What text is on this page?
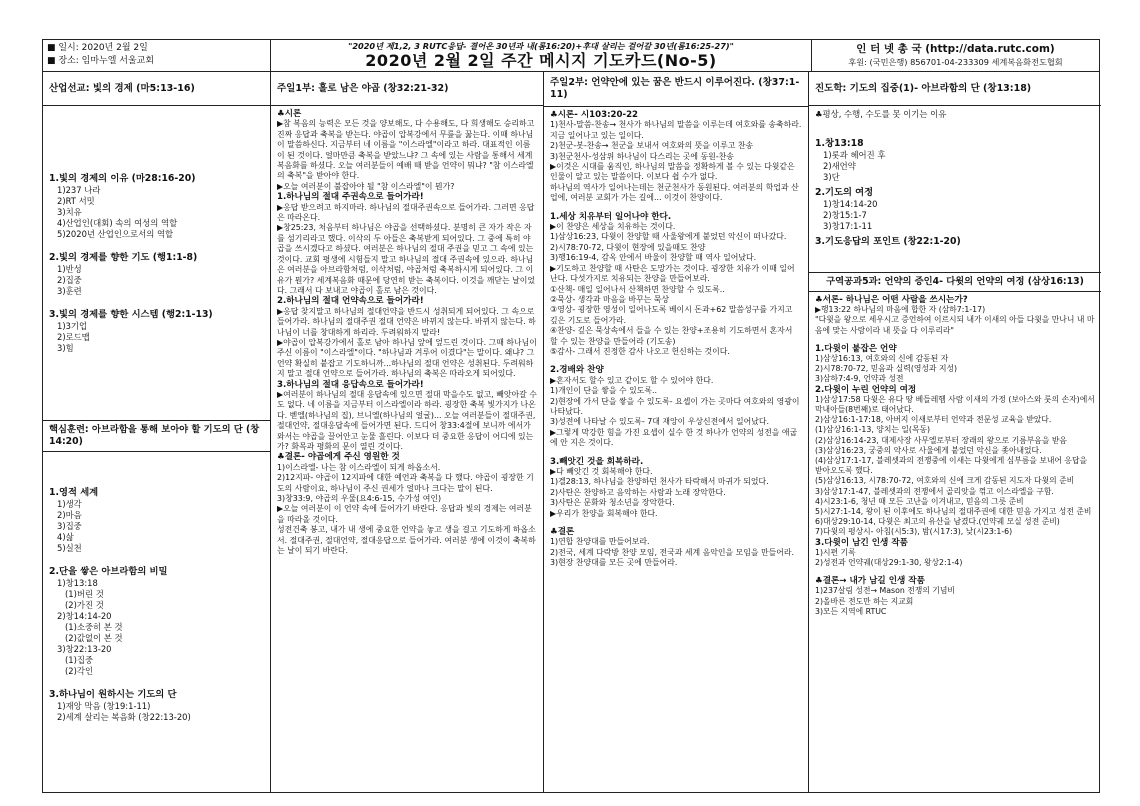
■ 일시: 2020년 2월 2일
■ 장소: 임마누엘 서울교회
"2020년 제1,2, 3 RUTC응답- 결어온 30년과 내(롬16:20)+후대 살리는 걸어갈 30년(롬16:25-27)"
2020년 2월 2일 주간 메시지 기도카드(No-5)
인 터 넷 총 국 (http://data.rutc.com)
후원: (국민은행) 856701-04-233309 세계복음화전도협회
산업선교: 빛의 경제 (마5:13-16)
1.빛의 경제의 이유 (마28:16-20)

1)237 나라

2)RT 서밋

3)치유

4)산업인(대회) 속의 여성의 역할

5)2020년 산업인으로서의 역할

2.빛의 경제를 향한 기도 (행1:1-8)

1)반성

2)집중

3)훈련

3.빛의 경제를 향한 시스템 (행2:1-13)

1)3기업

2)로드맵

3)힘

핵심훈련: 아브라함을 통해 보아야 할 기도의 단 (창14:20)
1.영적 세계

1)생각

2)마음

3)집중

4)삶

5)실천

2.단을 쌓은 아브라함의 비밀

1)창13:18

(1)버린 것

(2)가진 것

2)창14:14-20

(1)소중히 본 것

(2)값없이 본 것

3)창22:13-20

(1)집중

(2)각인

3.하나님이 원하시는 기도의 단

1)재앙 막음 (창19:1-11)

2)세계 살리는 복음화 (창22:13-20)

주일1부: 홀로 남은 야곱 (창32:21-32)
♣시론

▶참 복음의 능력은 모든 것을 양보해도, 다 수용해도, 다 희생해도 승리하고 진짜 응답과 축복을 받는다. 야곱이 압복강에서 무릎을 꿇는다. 이때 하나님이 말씀하신다. 지금부터 네 이름을 "이스라엘"이라고 하라. 대표적인 이름이 된 것이다. 얼마만큼 축복을 받았느냐? 그 속에 있는 사람을 통해서 세계복음화를 하셨다. 오늘 여러분들이 예배 때 받을 언약이 뭐냐? "참 이스라엘의 축복"을 받아야 한다.
▶오늘 여러분이 불잡아야 될 "참 이스라엘"이 뭔가?

1.하나님의 절대 주권속으로 들어가라!

▶응답 받으려고 하지마라. 하나님의 절대주권속으로 들어가라. 그러면 응답은 따라온다.
▶창25:23, 처음부터 하나님은 야곱을 선택하셨다. 분명히 큰 자가 작은 자를 섬기리라고 했다. 이삭의 두 아들은 축복받게 되어있다. 그 중에 특히 야곱을 쓰시겠다고 하셨다. 여러분은 하나님의 절대 주권을 믿고 그 속에 있는 것이다. 교회 평생에 시험들지 말고 하나님의 절대 주권속에 있으라. 하나님은 여러분을 아브라함처럼, 이삭처럼, 야곱처럼 축복하시게 되어있다. 그 이유가 뭔가? 세계복음화 때문에 당연히 받는 축복이다. 이것을 깨닫는 날이었다. 그래서 다 보내고 야곱이 홀로 남은 것이다.

2.하나님의 절대 언약속으로 들어가라!

▶응답 찾지말고 하나님의 절대언약을 반드시 성취되게 되어있다. 그 속으로 들어가라. 하나님의 절대주권 절대 언약은 바뀌지 않는다. 바뀌지 않는다. 하나님이 너를 창대하게 하리라. 두려워하지 말라!
▶야곱이 압복강가에서 홀로 남아 하나님 앞에 엎드린 것이다. 그때 하나님이 주신 이름이 "이스라엘"이다. "하나님과 겨루어 이겼다"는 말이다. 왜냐? 그 언약 확실히 붙잡고 기도하니까...하나님의 절대 언약은 성취된다. 두려워하지 말고 절대 언약으로 들어가라. 하나님의 축복은 따라오게 되어있다.

3.하나님의 절대 응답속으로 들어가라!

▶여러분이 하나님의 절대 응답속에 있으면 절대 막을수도 없고, 빼앗아갈 수도 없다. 네 이름을 지금부터 이스라엘이라 하라. 굉장한 축복 빛가지가 나온다. 벧엘(하나님의 집), 브니엘(하나님의 얼굴)... 오늘 여러분들이 절대주권, 절대언약, 절대응답속에 들어가면 된다. 드디어 창33:4절에 보니까 에서가 와서는 야곱을 끌어안고 눈물 흘린다. 이보다 더 중요한 응답이 어디에 있는가? 화목과 평화의 문이 열린 것이다.

♣결론- 야곱에게 주신 영원한 것

1)이스라엘- 나는 참 이스라엘이 되게 하옵소서.
2)12지파- 야곱이 12지파에 대한 예언과 축복을 다 했다. 야곱이 굉장한 기도의 사람이요, 하나님이 주신 권세가 얼마나 크다는 말이 된다.
3)창33:9, 야곱의 우물(요4:6-15, 수가성 여인)
▶오늘 여러분이 이 언약 속에 들어가기 바란다. 응답과 빛의 경제는 여러분을 따라올 것이다.
성전건축 봉고, 내가 내 생에 중요한 언약을 놓고 생을 걸고 기도하게 하옵소서. 절대주권, 절대언약, 절대응답으로 들어가라. 여러분 생에 이것이 축복하는 날이 되기 바란다.

주일2부: 언약안에 있는 꿈은 반드시 이루어진다. (창37:1-11)
♣시론- 시103:20-22

1)천사-말씀-찬송→ 천사가 하나님의 말씀을 이루는데 여호와를 송축하라. 지금 일어나고 있는 일이다.
2)천군-봇-찬송→ 천군을 보내서 여호와의 뜻을 이루고 찬송
3)천군천사-성삼위 하나님이 다스리는 곳에 동원-찬송
▶이것은 시대를 움직인, 하나님의 말씀을 정확하게 볼 수 있는 다윗같은 인물이 알고 있는 말씀이다. 이보다 쉽 수가 없다.
하나님의 역사가 일어나는데는 천군천사가 동원된다. 여러분의 학업과 산업에, 여러분 교회가 가는 길에... 이것이 찬양이다.

1.세상 치유부터 일어나야 한다.

▶이 찬양은 세상을 치유하는 것이다.
1)삼상16:23, 다윗이 찬양할 때 사울왕에게 붙었던 악신이 떠나갔다.
2)시78:70-72, 다윗이 현장에 있을때도 찬양
3)행16:19-4, 감옥 안에서 바울이 찬양할 때 역사 일어났다.
▶기도하고 찬양할 때 사탄은 도망가는 것이다. 굉장한 치유가 이때 일어난다. 다섯가지로 치유되는 찬양을 만들어보라.
①산책- 매일 일어나서 산책하면 찬양할 수 있도록..
②묵상- 생각과 마음을 바꾸는 묵상
③영상- 굉장한 영성이 일어나도록 베이시 돈과+62 말씀성구를 가지고 깊은 기도로 들어가라.
④찬양- 깊은 묵상속에서 들을 수 있는 찬양+조용히 기도하면서 혼자서 할 수 있는 찬양을 만들어라 (기도송)
⑤감사- 그래서 진정한 감사 나오고 헌신하는 것이다.

2.경배와 찬양

▶혼자서도 할수 있고 같이도 할 수 있어야 한다.
1)개인이 단을 쌓을 수 있도록..
2)현장에 가서 단을 쌓을 수 있도록- 요셉이 가는 곳마다 여호와의 영광이 나타났다.
3)성전에 나타날 수 있도록- 7대 재앙이 우상신전에서 일어났다.
▶그렇게 막강한 힘을 가진 요셉이 실수 한 것 하나가 언약의 성전을 애굽에 안 지은 것이다.

3.빼앗긴 것을 회복하라.

▶다 빼앗긴 것 회복해야 한다.
1)겔28:13, 하나님을 찬양하던 천사가 타락해서 마귀가 되었다.
2)사탄은 찬양하고 음악하는 사람과 노래 장악한다.
3)사탄은 문화와 청소년을 장악한다.
▶우리가 찬양을 회복해야 한다.

♣결론

1)연합 찬양대를 만들어보라.
2)전국, 세계 다락방 찬양 모임, 전국과 세계 음악인을 모임을 만들어라.
3)현장 찬양대를 모든 곳에 만들어라.

진도학: 기도의 집중(1)- 아브라함의 단 (창13:18)

♣평상, 수행, 수도를 못 이기는 이유

1.창13:18

1)롯과 헤어진 후

2)새언약

3)단

2.기도의 여정

1)창14:14-20

2)창15:1-7

3)창17:1-11

3.기도응답의 포인트 (창22:1-20)
구역공과5과: 언약의 증인4- 다윗의 언약의 여정 (삼상16:13)
♣서론- 하나님은 어떤 사람을 쓰시는가?

▶행13:22 하나님의 마음에 합한 자 (삼하7:1-17)
"다윗을 왕으로 세우시고 증언하여 이르시되 내가 이새의 아들 다윗을 만나니 내 마음에 맞는 사람이라 내 뜻을 다 이루리라"

1.다윗이 붙잡은 언약

1)삼상16:13, 여호와의 신에 감동된 자
2)시78:70-72, 믿음과 실력(영성과 지성)
3)삼하7:4-9, 언약과 성전

2.다윗이 누린 언약의 여정

1)삼상17:58 다윗은 유다 땅 베들레헴 사람 이새의 가정 (보아스와 룻의 손자)에서 막내아들(8번째)로 태어났다.
2)삼상16:1-17:18, 아버지 이새로부터 언약과 전문성 교육을 받았다.
(1)삼상16:1-13, 양치는 일(목동)
(2)삼상16:14-23, 대제사장 사무엘로부터 장래의 왕으로 기름부음을 받음
(3)삼상16:23, 궁중의 악사로 사울에게 붙었던 악신을 좇아내었다.
(4)삼상17:1-17, 블레셋과의 전쟁중에 이새는 다윗에게 심부름을 보내어 응답을 받아오도록 했다.
(5)삼상16:13, 시78:70-72, 여호와의 신에 크게 감동된 지도자 다윗의 준비
3)삼상17:1-47, 블레셋과의 전쟁에서 골리앗을 꺾고 이스라엘을 구함.
4)시23:1-6, 청년 때 모든 고난을 이겨내고, 믿음의 그릇 준비
5)시27:1-14, 왕이 된 이후에도 하나님의 절대주권에 대한 믿음 가지고 성전 준비
6)대상29:10-14, 다윗은 최고의 유산을 남겼다.(언약궤 모실 성전 준비)
7)다윗의 평상시- 아침(시5:3), 밤(시17:3), 낮(시23:1-6)

3.다윗이 남긴 인생 작품

1)시편 기록
2)성전과 언약궤(대상29:1-30, 왕상2:1-4)

♣결론→ 내가 남길 인생 작품

1)237살림 성전→ Mason 전쟁의 기념비
2)올바른 전도만 하는 지교회
3)모든 지역에 RTUC
